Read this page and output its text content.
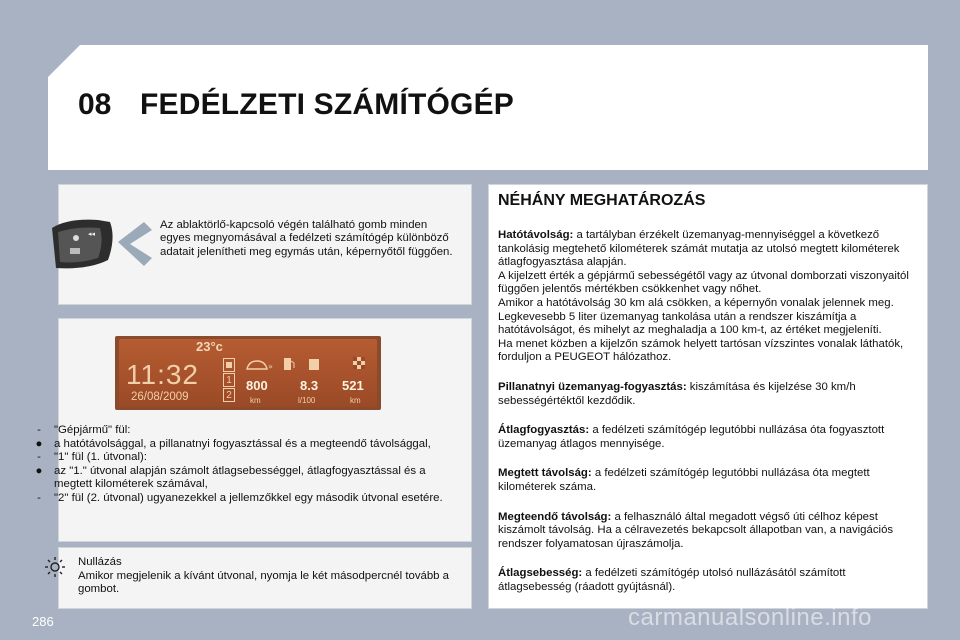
08 FEDÉLZETI SZÁMÍTÓGÉP
◂◂
Az ablaktörlő-kapcsoló végén található gomb minden egyes megnyomásával a fedélzeti számítógép különböző adatait jelenítheti meg egymás után, képernyőtől függően.
23°c
11:32
26/08/2009
1
2
»
800
km
8.3
l/100
521
km
-	"Gépjármű" fül:
●	a hatótávolsággal, a pillanatnyi fogyasztással és a megteendő távolsággal,
-	"1" fül (1. útvonal):
●	az "1." útvonal alapján számolt átlagsebességgel, átlagfogyasztással és a megtett kilométerek számával,
-	"2" fül (2. útvonal) ugyanezekkel a jellemzőkkel egy második útvonal esetére.
Nullázás
Amikor megjelenik a kívánt útvonal, nyomja le két másodpercnél tovább a gombot.
NÉHÁNY MEGHATÁROZÁS

Hatótávolság: a tartályban érzékelt üzemanyag-mennyiséggel a következő tankolásig megtehető kilométerek számát mutatja az utolsó megtett kilométerek átlagfogyasztása alapján.
A kijelzett érték a gépjármű sebességétől vagy az útvonal domborzati viszonyaitól függően jelentős mértékben csökkenhet vagy nőhet.
Amikor a hatótávolság 30 km alá csökken, a képernyőn vonalak jelennek meg. Legkevesebb 5 liter üzemanyag tankolása után a rendszer kiszámítja a hatótávolságot, és mihelyt az meghaladja a 100 km-t, az értéket megjeleníti.
Ha menet közben a kijelzőn számok helyett tartósan vízszintes vonalak láthatók, forduljon a PEUGEOT hálózathoz.

Pillanatnyi üzemanyag-fogyasztás: kiszámítása és kijelzése 30 km/h sebességértéktől kezdődik.

Átlagfogyasztás: a fedélzeti számítógép legutóbbi nullázása óta fogyasztott üzemanyag átlagos mennyisége.

Megtett távolság: a fedélzeti számítógép legutóbbi nullázása óta megtett kilométerek száma.

Megteendő távolság: a felhasználó által megadott végső úti célhoz képest kiszámolt távolság. Ha a célravezetés bekapcsolt állapotban van, a navigációs rendszer folyamatosan újraszámolja.

Átlagsebesség: a fedélzeti számítógép utolsó nullázásától számított átlagsebesség (ráadott gyújtásnál).

286	carmanualsonline.info
